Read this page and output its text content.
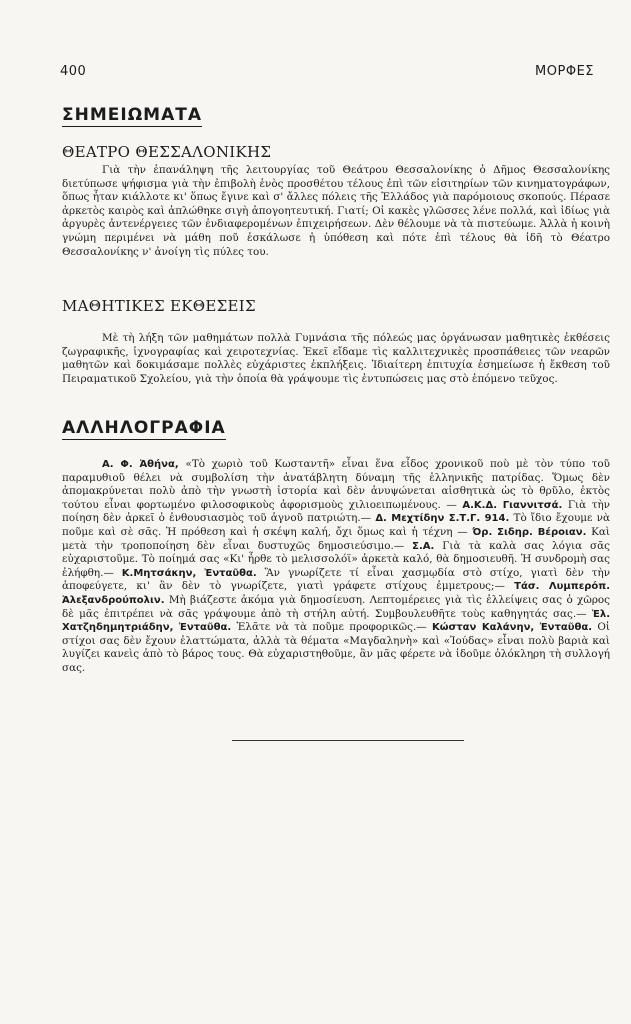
400	ΜΟΡΦΕΣ
ΣΗΜΕΙΩΜΑΤΑ
ΘΕΑΤΡΟ ΘΕΣΣΑΛΟΝΙΚΗΣ

Γιὰ τὴν ἐπανάληψη τῆς λειτουργίας τοῦ Θεάτρου Θεσσαλονίκης ὁ Δῆμος Θεσσαλονίκης διετύπωσε ψήφισμα γιὰ τὴν ἐπιβολὴ ἑνὸς προσθέτου τέλους ἐπὶ τῶν εἰσιτηρίων τῶν κινηματογράφων, ὅπως ἦταν κιάλλοτε κι' ὅπως ἔγινε καὶ σ' ἄλλες πόλεις τῆς Ἑλλάδος γιὰ παρόμοιους σκοπούς. Πέρασε ἀρκετὸς καιρὸς καὶ ἀπλώθηκε σιγὴ ἀπογοητευτική. Γιατί; Οἱ κακὲς γλῶσσες λένε πολλά, καὶ ἰδίως γιὰ ἀργυρὲς ἀντενέργειες τῶν ἐνδιαφερομένων ἐπιχειρήσεων. Δὲν θέλουμε νὰ τὰ πιστεύωμε. Ἀλλὰ ἡ κοινὴ γνώμη περιμένει νὰ μάθη ποῦ ἐσκάλωσε ἡ ὑπόθεση καὶ πότε ἐπὶ τέλους θὰ ἰδῆ τὸ Θέατρο Θεσσαλονίκης ν' ἀνοίγη τὶς πύλες του.

ΜΑΘΗΤΙΚΕΣ ΕΚΘΕΣΕΙΣ

Μὲ τὴ λήξη τῶν μαθημάτων πολλὰ Γυμνάσια τῆς πόλεώς μας ὀργάνωσαν μαθητικὲς ἐκθέσεις ζωγραφικῆς, ἰχνογραφίας καὶ χειροτεχνίας. Ἐκεῖ εἴδαμε τὶς καλλιτεχνικὲς προσπάθειες τῶν νεαρῶν μαθητῶν καὶ δοκιμάσαμε πολλὲς εὐχάριστες ἐκπλήξεις. Ἰδιαίτερη ἐπιτυχία ἐσημείωσε ἡ ἔκθεση τοῦ Πειραματικοῦ Σχολείου, γιὰ τὴν ὁποία θὰ γράψουμε τὶς ἐντυπώσεις μας στὸ ἑπόμενο τεῦχος.

ΑΛΛΗΛΟΓΡΑΦΙΑ

Α. Φ. Ἀθήνα, «Τὸ χωριὸ τοῦ Κωσταντῆ» εἶναι ἕνα εἶδος χρονικοῦ ποὺ μὲ τὸν τύπο τοῦ παραμυθιοῦ θέλει νὰ συμβολίση τὴν ἀνατάβλητη δύναμη τῆς ἑλληνικῆς πατρίδας. Ὅμως δὲν ἀπομακρύνεται πολὺ ἀπὸ τὴν γνωστὴ ἱστορία καὶ δὲν ἀνυψώνεται αἰσθητικὰ ὡς τὸ θρῦλο, ἐκτὸς τούτου εἶναι φορτωμένο φιλοσοφικοὺς ἀφορισμοὺς χιλιοειπωμένους. — Α.Κ.Δ. Γιαννιτσά. Γιὰ τὴν ποίηση δὲν ἀρκεῖ ὁ ἐνθουσιασμὸς τοῦ ἀγνοῦ πατριώτη.— Δ. Μεχτίδην Σ.Τ.Γ. 914. Τὸ ἴδιο ἔχουμε νὰ ποῦμε καὶ σὲ σᾶς. Ἡ πρόθεση καὶ ἡ σκέψη καλή, ὄχι ὅμως καὶ ἡ τέχνη — Όρ. Σιδηρ. Βέροιαν. Καὶ μετὰ τὴν τροποποίηση δὲν εἶναι δυστυχῶς δημοσιεύσιμο.— Σ.Α. Γιὰ τὰ καλὰ σας λόγια σᾶς εὐχαριστοῦμε. Τὸ ποίημά σας «Κι' ἦρθε τὸ μελισσολόϊ» ἀρκετὰ καλό, θὰ δημοσιευθῆ. Ἡ συνδρομὴ σας ἐλήφθη.— Κ.Μητσάκην, Ἐνταῦθα. Ἂν γνωρίζετε τί εἶναι χασμῳδία στὸ στίχο, γιατὶ δὲν τὴν ἀποφεύγετε, κι' ἂν δὲν τὸ γνωρίζετε, γιατὶ γράφετε στίχους ἐμμετρους;— Τάσ. Λυμπερόπ. Ἀλεξανδρούπολιν. Μὴ βιάζεστε ἀκόμα γιὰ δημοσίευση. Λεπτομέρειες γιὰ τὶς ἐλλείψεις σας ὁ χῶρος δὲ μᾶς ἐπιτρέπει νὰ σᾶς γράψουμε ἀπὸ τὴ στήλη αὐτή. Συμβουλευθῆτε τοὺς καθηγητάς σας.— Ἑλ. Χατζηδημητριάδην, Ἐνταῦθα. Ἐλᾶτε νὰ τὰ ποῦμε προφορικῶς.— Κώσταν Καλάνην, Ἐνταῦθα. Οἱ στίχοι σας δὲν ἔχουν ἐλαττώματα, ἀλλὰ τὰ θέματα «Μαγδαληνὴ» καὶ «Ἰούδας» εἶναι πολὺ βαριὰ καὶ λυγίζει κανεὶς ἀπὸ τὸ βάρος τους. Θὰ εὐχαριστηθοῦμε, ἂν μᾶς φέρετε νὰ ἰδοῦμε ὁλόκληρη τὴ συλλογή σας.
